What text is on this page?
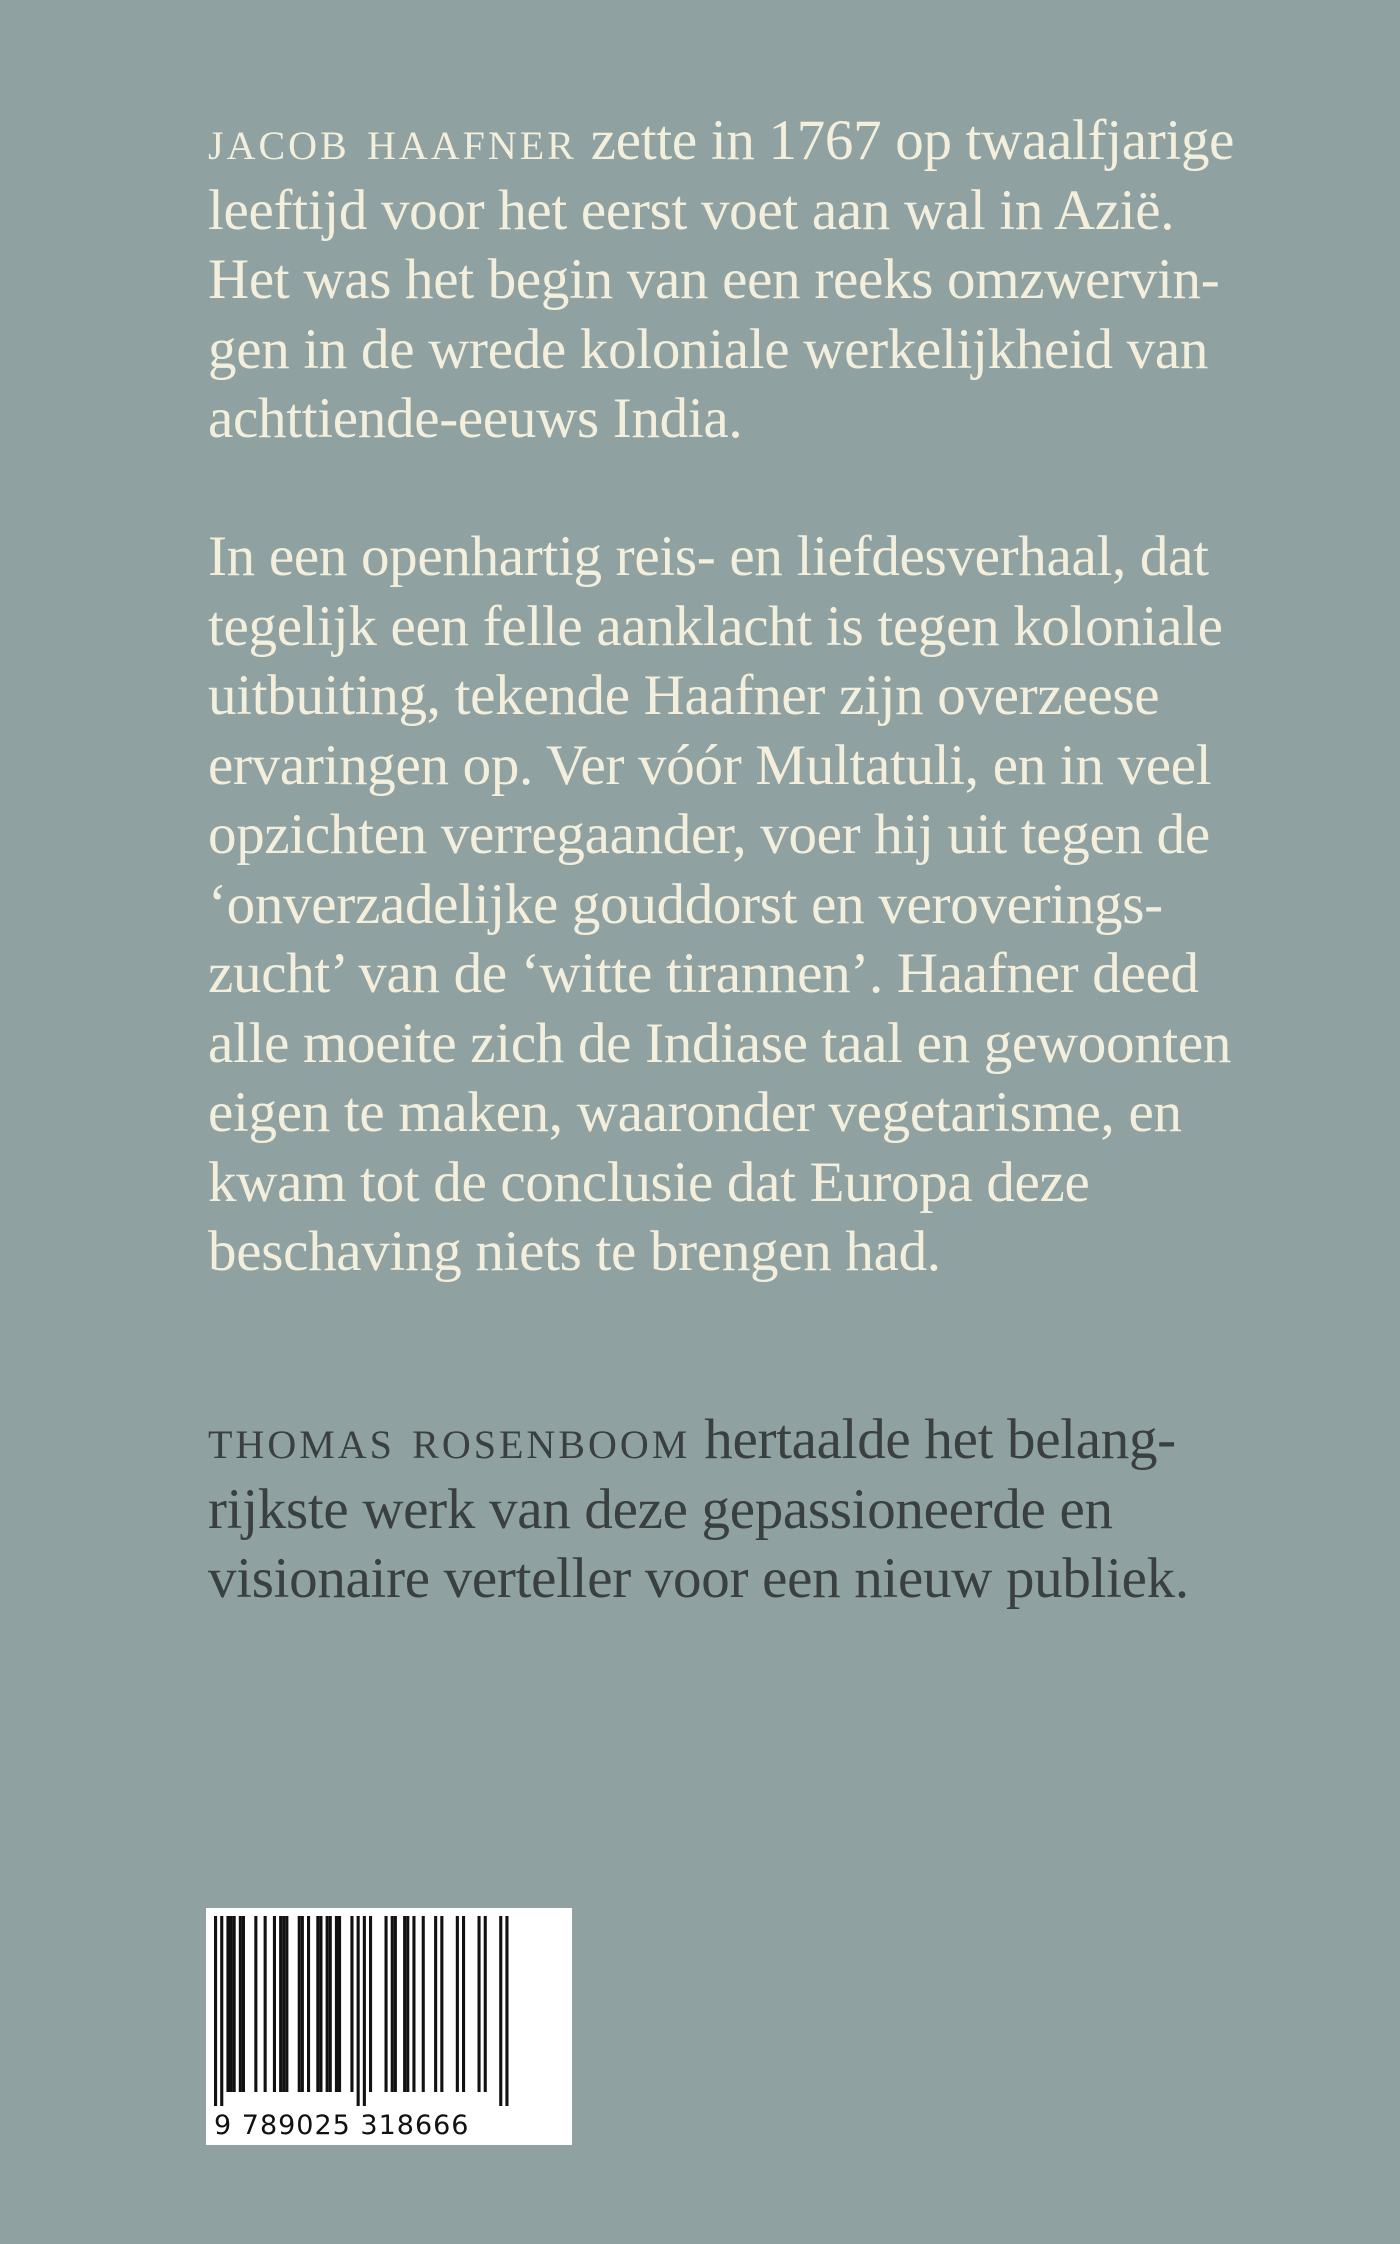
jacob haafner zette in 1767 op twaalfjarige
leeftijd voor het eerst voet aan wal in Azië.
Het was het begin van een reeks omzwervin-
gen in de wrede koloniale werkelijkheid van
achttiende-eeuws India.
In een openhartig reis- en liefdesverhaal, dat
tegelijk een felle aanklacht is tegen koloniale
uitbuiting, tekende Haafner zijn overzeese
ervaringen op. Ver vóór Multatuli, en in veel
opzichten verregaander, voer hij uit tegen de
‘onverzadelijke gouddorst en veroverings-
zucht’ van de ‘witte tirannen’. Haafner deed
alle moeite zich de Indiase taal en gewoonten
eigen te maken, waaronder vegetarisme, en
kwam tot de conclusie dat Europa deze
beschaving niets te brengen had.
thomas rosenboom hertaalde het belang-
rijkste werk van deze gepassioneerde en
visionaire verteller voor een nieuw publiek.
9 789025 318666
